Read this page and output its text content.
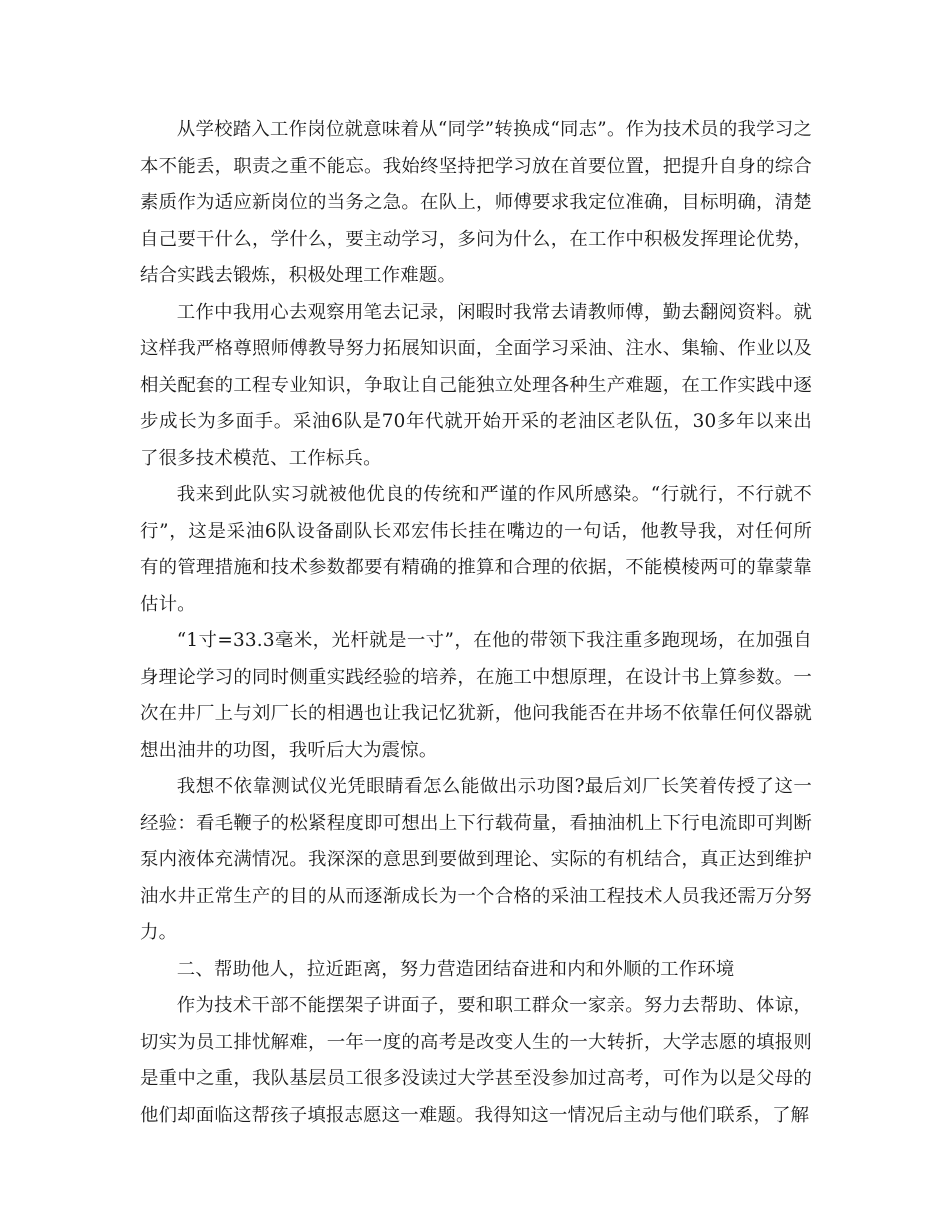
从学校踏入工作岗位就意味着从“同学”转换成“同志”。作为技术员的我学习之本不能丢，职责之重不能忘。我始终坚持把学习放在首要位置，把提升自身的综合素质作为适应新岗位的当务之急。在队上，师傅要求我定位准确，目标明确，清楚自己要干什么，学什么，要主动学习，多问为什么，在工作中积极发挥理论优势，结合实践去锻炼，积极处理工作难题。

工作中我用心去观察用笔去记录，闲暇时我常去请教师傅，勤去翻阅资料。就这样我严格尊照师傅教导努力拓展知识面，全面学习采油、注水、集输、作业以及相关配套的工程专业知识，争取让自己能独立处理各种生产难题，在工作实践中逐步成长为多面手。采油6队是70年代就开始开采的老油区老队伍，30多年以来出了很多技术模范、工作标兵。

我来到此队实习就被他优良的传统和严谨的作风所感染。“行就行，不行就不行”，这是采油6队设备副队长邓宏伟长挂在嘴边的一句话，他教导我，对任何所有的管理措施和技术参数都要有精确的推算和合理的依据，不能模棱两可的靠蒙靠估计。

“1寸=33.3毫米，光杆就是一寸”，在他的带领下我注重多跑现场，在加强自身理论学习的同时侧重实践经验的培养，在施工中想原理，在设计书上算参数。一次在井厂上与刘厂长的相遇也让我记忆犹新，他问我能否在井场不依靠任何仪器就想出油井的功图，我听后大为震惊。

我想不依靠测试仪光凭眼睛看怎么能做出示功图?最后刘厂长笑着传授了这一经验：看毛鞭子的松紧程度即可想出上下行载荷量，看抽油机上下行电流即可判断泵内液体充满情况。我深深的意思到要做到理论、实际的有机结合，真正达到维护油水井正常生产的目的从而逐渐成长为一个合格的采油工程技术人员我还需万分努力。

二、帮助他人，拉近距离，努力营造团结奋进和内和外顺的工作环境

作为技术干部不能摆架子讲面子，要和职工群众一家亲。努力去帮助、体谅，切实为员工排忧解难，一年一度的高考是改变人生的一大转折，大学志愿的填报则是重中之重，我队基层员工很多没读过大学甚至没参加过高考，可作为以是父母的他们却面临这帮孩子填报志愿这一难题。我得知这一情况后主动与他们联系，了解
